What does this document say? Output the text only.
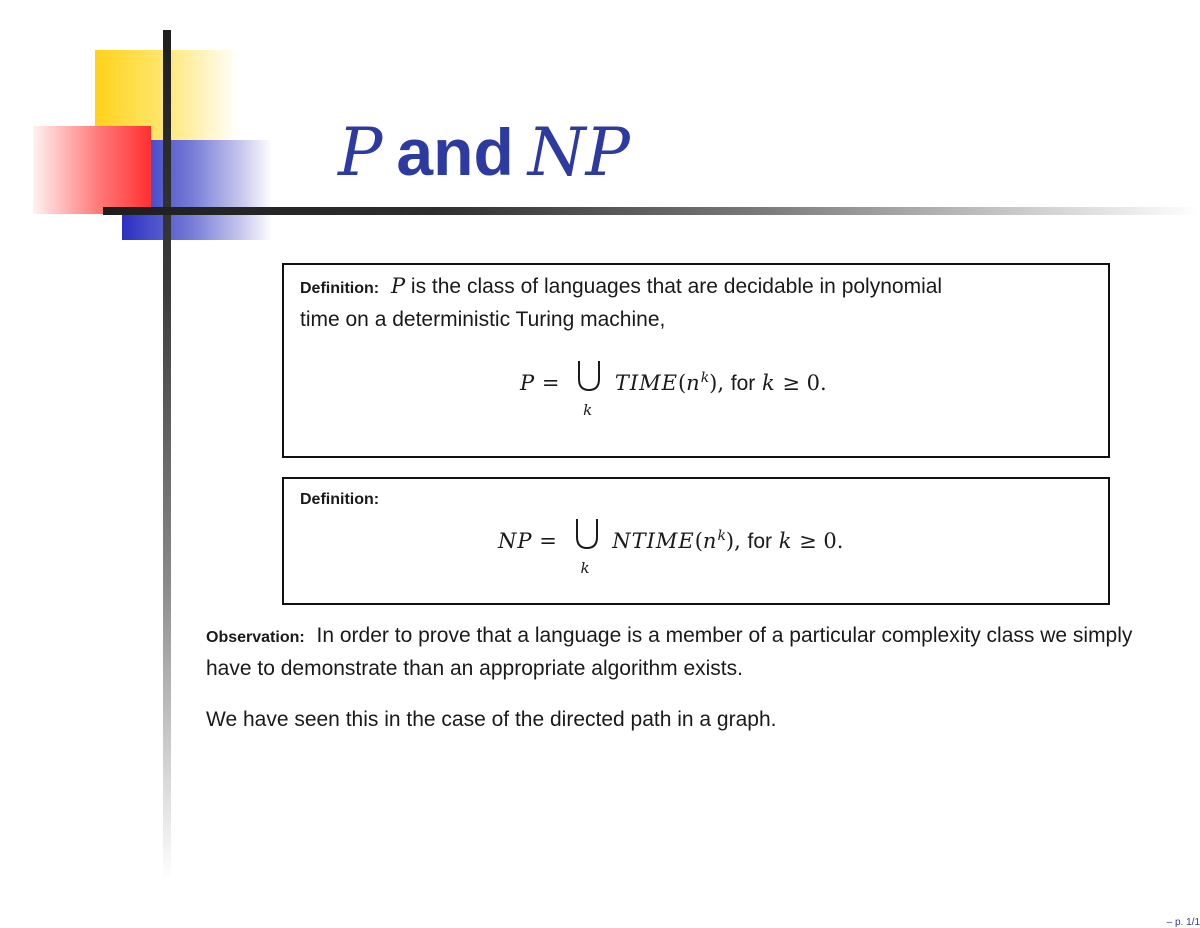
P and NP
Definition: P is the class of languages that are decidable in polynomial
time on a deterministic Turing machine,
P =
k
$TIME(n^k)$, for k ≥ 0.
Definition:
NP =
k
$NTIME(n^k)$, for k ≥ 0.
Observation: In order to prove that a language is a member of a particular complexity class we simply have to demonstrate than an appropriate algorithm exists.
We have seen this in the case of the directed path in a graph.
– p. 1/1
